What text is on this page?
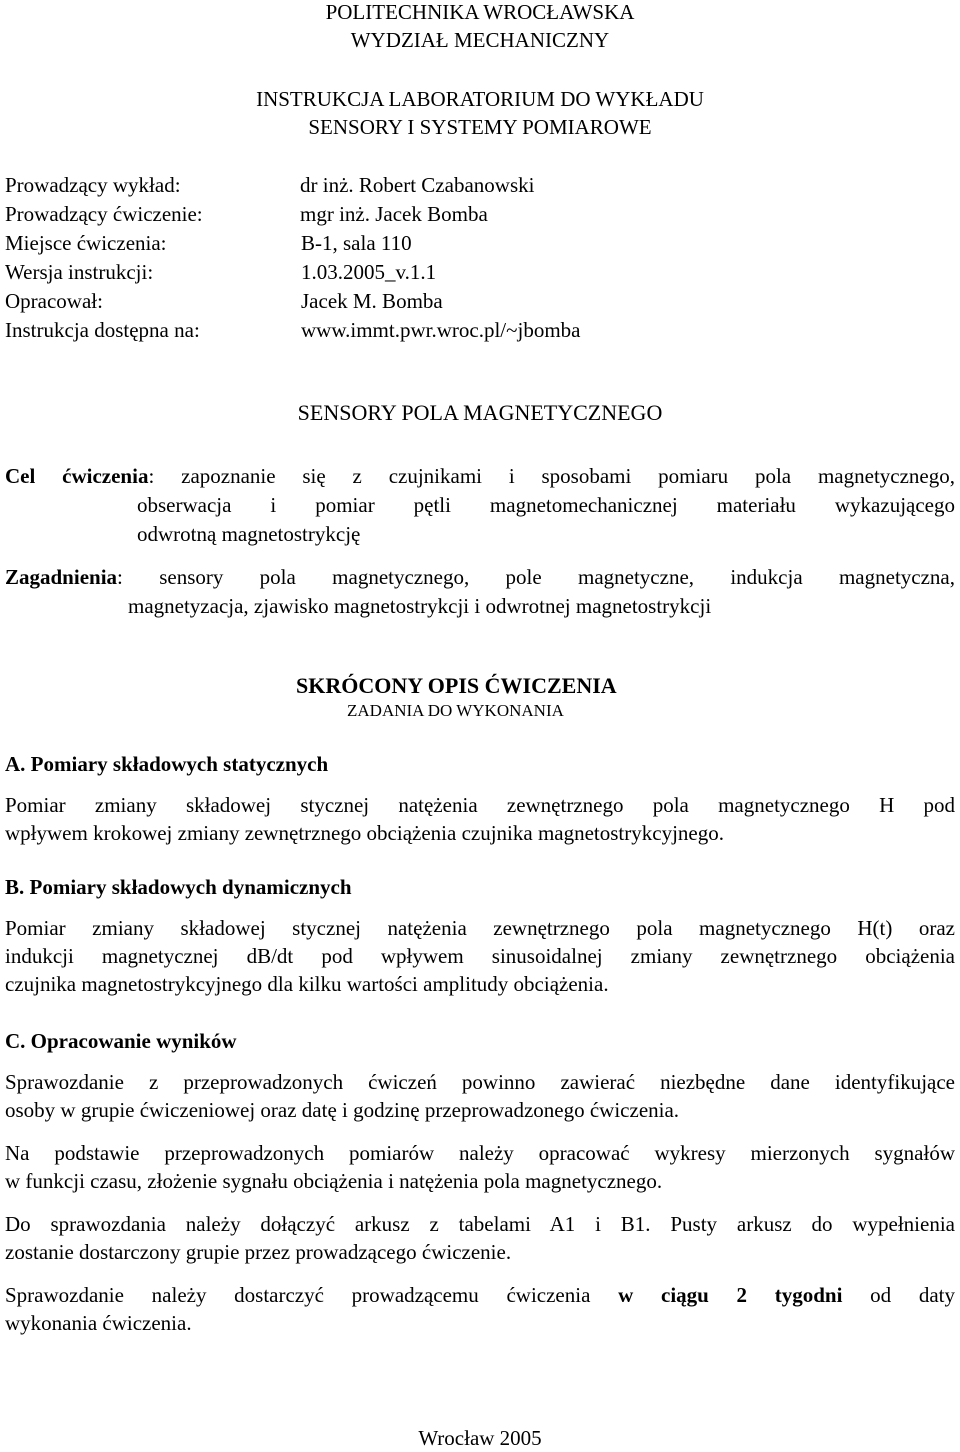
POLITECHNIKA WROCŁAWSKA
WYDZIAŁ MECHANICZNY
INSTRUKCJA LABORATORIUM DO WYKŁADU
SENSORY I SYSTEMY POMIAROWE
Prowadzący wykład:	dr inż. Robert Czabanowski
Prowadzący ćwiczenie:	mgr inż. Jacek Bomba
Miejsce ćwiczenia:	B-1, sala 110
Wersja instrukcji:	1.03.2005_v.1.1
Opracował:	Jacek M. Bomba
Instrukcja dostępna na:	www.immt.pwr.wroc.pl/~jbomba
SENSORY POLA MAGNETYCZNEGO
Cel ćwiczenia: zapoznanie się z czujnikami i sposobami pomiaru pola magnetycznego,
obserwacja i pomiar pętli magnetomechanicznej materiału wykazującego
odwrotną magnetostrykcję
Zagadnienia: sensory pola magnetycznego, pole magnetyczne, indukcja magnetyczna,
magnetyzacja, zjawisko magnetostrykcji i odwrotnej magnetostrykcji
SKRÓCONY OPIS ĆWICZENIA
ZADANIA DO WYKONANIA
A. Pomiary składowych statycznych
Pomiar zmiany składowej stycznej natężenia zewnętrznego pola magnetycznego H pod
wpływem krokowej zmiany zewnętrznego obciążenia czujnika magnetostrykcyjnego.
B. Pomiary składowych dynamicznych
Pomiar zmiany składowej stycznej natężenia zewnętrznego pola magnetycznego H(t) oraz
indukcji magnetycznej dB/dt pod wpływem sinusoidalnej zmiany zewnętrznego obciążenia
czujnika magnetostrykcyjnego dla kilku wartości amplitudy obciążenia.
C. Opracowanie wyników
Sprawozdanie z przeprowadzonych ćwiczeń powinno zawierać niezbędne dane identyfikujące
osoby w grupie ćwiczeniowej oraz datę i godzinę przeprowadzonego ćwiczenia.
Na podstawie przeprowadzonych pomiarów należy opracować wykresy mierzonych sygnałów
w funkcji czasu, złożenie sygnału obciążenia i natężenia pola magnetycznego.
Do sprawozdania należy dołączyć arkusz z tabelami A1 i B1. Pusty arkusz do wypełnienia
zostanie dostarczony grupie przez prowadzącego ćwiczenie.
Sprawozdanie należy dostarczyć prowadzącemu ćwiczenia w ciągu 2 tygodni od daty
wykonania ćwiczenia.
Wrocław 2005
